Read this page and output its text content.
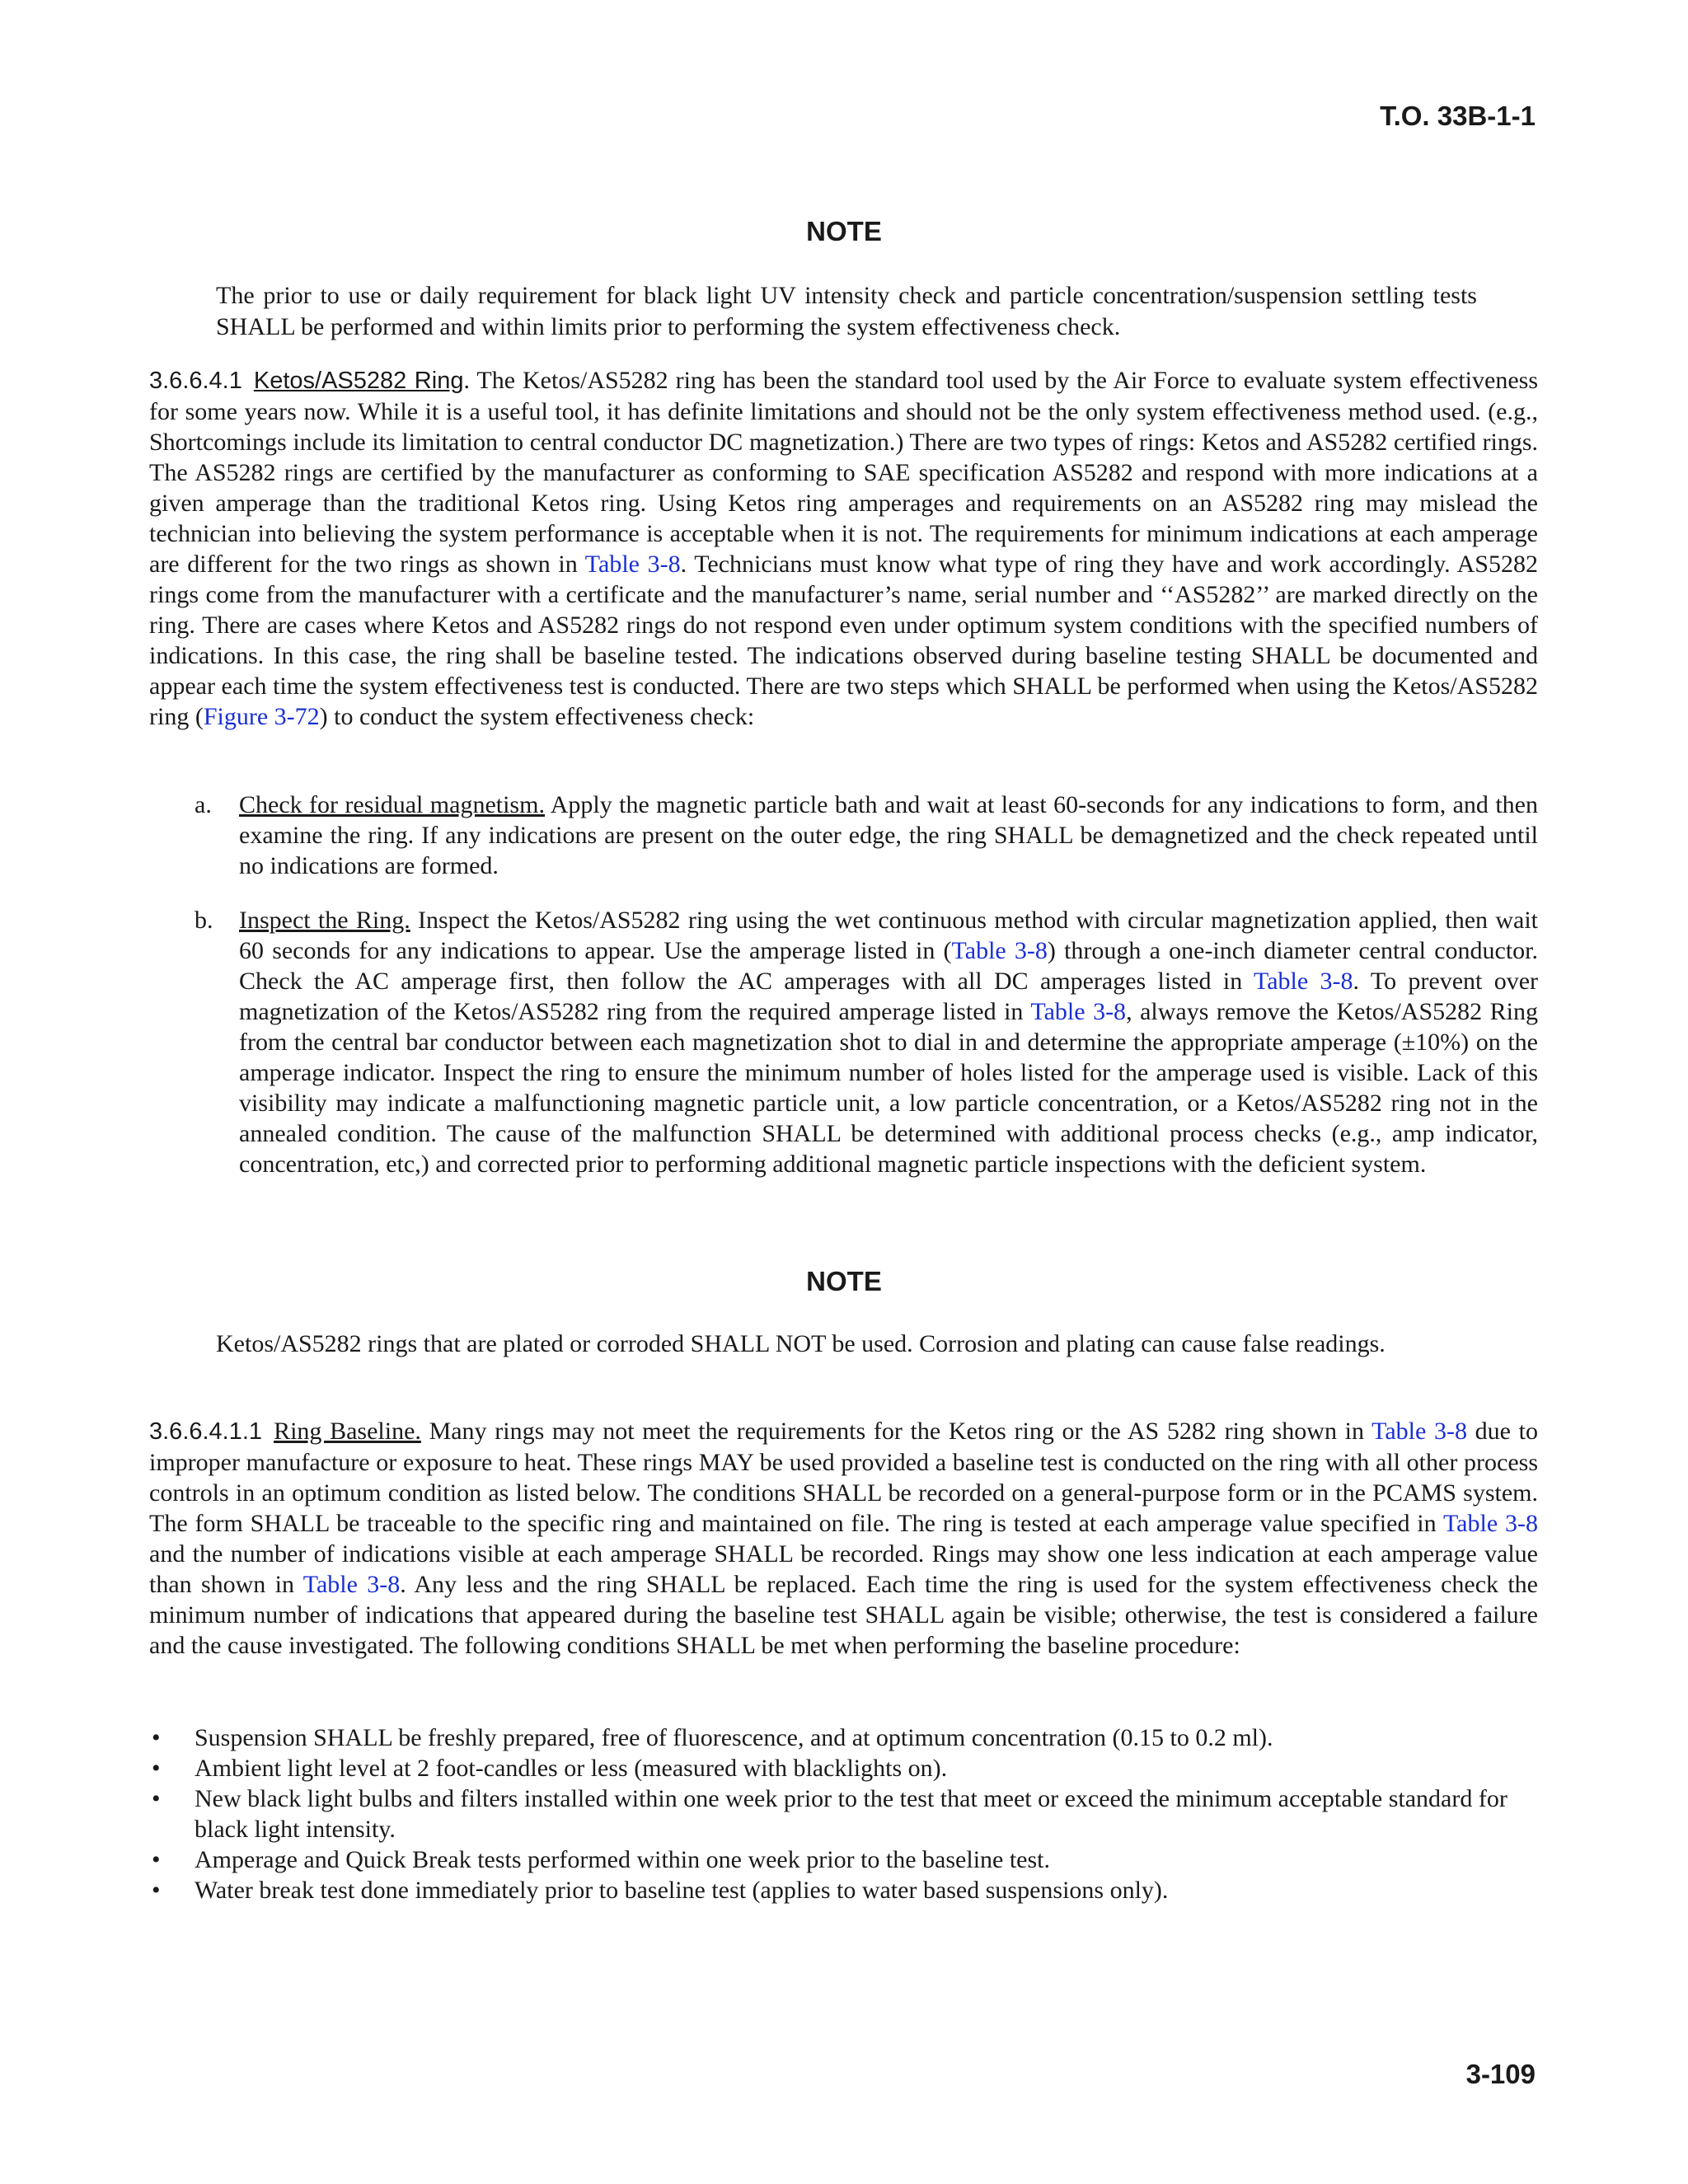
T.O. 33B-1-1
NOTE
The prior to use or daily requirement for black light UV intensity check and particle concentration/suspension settling tests SHALL be performed and within limits prior to performing the system effectiveness check.
3.6.6.4.1 Ketos/AS5282 Ring. The Ketos/AS5282 ring has been the standard tool used by the Air Force to evaluate system effectiveness for some years now. While it is a useful tool, it has definite limitations and should not be the only system effectiveness method used. (e.g., Shortcomings include its limitation to central conductor DC magnetization.) There are two types of rings: Ketos and AS5282 certified rings. The AS5282 rings are certified by the manufacturer as conforming to SAE specification AS5282 and respond with more indications at a given amperage than the traditional Ketos ring. Using Ketos ring amperages and requirements on an AS5282 ring may mislead the technician into believing the system performance is acceptable when it is not. The requirements for minimum indications at each amperage are different for the two rings as shown in Table 3-8. Technicians must know what type of ring they have and work accordingly. AS5282 rings come from the manufacturer with a certificate and the manufacturer’s name, serial number and ‘‘AS5282’’ are marked directly on the ring. There are cases where Ketos and AS5282 rings do not respond even under optimum system conditions with the specified numbers of indications. In this case, the ring shall be baseline tested. The indications observed during baseline testing SHALL be documented and appear each time the system effectiveness test is conducted. There are two steps which SHALL be performed when using the Ketos/AS5282 ring (Figure 3-72) to conduct the system effectiveness check:
a. Check for residual magnetism. Apply the magnetic particle bath and wait at least 60-seconds for any indications to form, and then examine the ring. If any indications are present on the outer edge, the ring SHALL be demagnetized and the check repeated until no indications are formed.
b. Inspect the Ring. Inspect the Ketos/AS5282 ring using the wet continuous method with circular magnetization applied, then wait 60 seconds for any indications to appear. Use the amperage listed in (Table 3-8) through a one-inch diameter central conductor. Check the AC amperage first, then follow the AC amperages with all DC amperages listed in Table 3-8. To prevent over magnetization of the Ketos/AS5282 ring from the required amperage listed in Table 3-8, always remove the Ketos/AS5282 Ring from the central bar conductor between each magnetization shot to dial in and determine the appropriate amperage (±10%) on the amperage indicator. Inspect the ring to ensure the minimum number of holes listed for the amperage used is visible. Lack of this visibility may indicate a malfunctioning magnetic particle unit, a low particle concentration, or a Ketos/AS5282 ring not in the annealed condition. The cause of the malfunction SHALL be determined with additional process checks (e.g., amp indicator, concentration, etc,) and corrected prior to performing additional magnetic particle inspections with the deficient system.
NOTE
Ketos/AS5282 rings that are plated or corroded SHALL NOT be used. Corrosion and plating can cause false readings.
3.6.6.4.1.1 Ring Baseline. Many rings may not meet the requirements for the Ketos ring or the AS 5282 ring shown in Table 3-8 due to improper manufacture or exposure to heat. These rings MAY be used provided a baseline test is conducted on the ring with all other process controls in an optimum condition as listed below. The conditions SHALL be recorded on a general-purpose form or in the PCAMS system. The form SHALL be traceable to the specific ring and maintained on file. The ring is tested at each amperage value specified in Table 3-8 and the number of indications visible at each amperage SHALL be recorded. Rings may show one less indication at each amperage value than shown in Table 3-8. Any less and the ring SHALL be replaced. Each time the ring is used for the system effectiveness check the minimum number of indications that appeared during the baseline test SHALL again be visible; otherwise, the test is considered a failure and the cause investigated. The following conditions SHALL be met when performing the baseline procedure:
• Suspension SHALL be freshly prepared, free of fluorescence, and at optimum concentration (0.15 to 0.2 ml).
• Ambient light level at 2 foot-candles or less (measured with blacklights on).
• New black light bulbs and filters installed within one week prior to the test that meet or exceed the minimum acceptable standard for black light intensity.
• Amperage and Quick Break tests performed within one week prior to the baseline test.
• Water break test done immediately prior to baseline test (applies to water based suspensions only).
3-109
